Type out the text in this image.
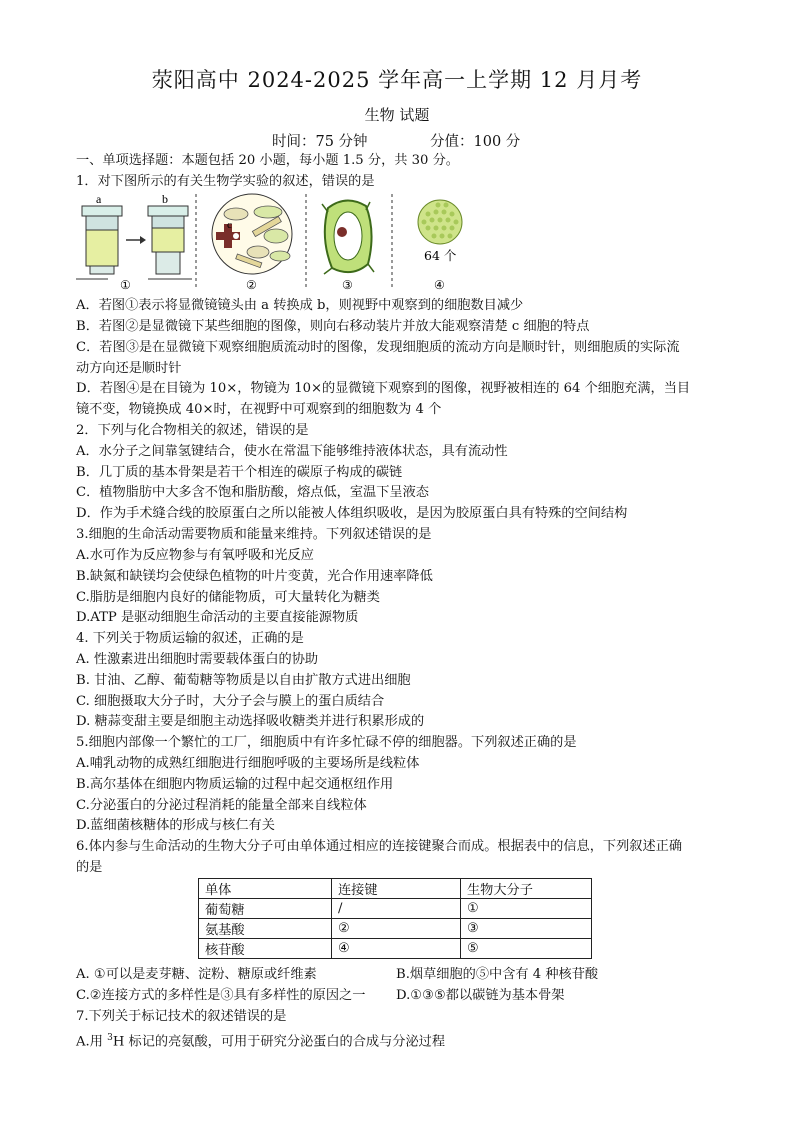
荥阳高中 2024-2025 学年高一上学期 12 月月考
生物 试题
时间：75 分钟	分值：100 分
一、单项选择题：本题包括 20 小题，每小题 1.5 分，共 30 分。
1．对下图所示的有关生物学实验的叙述，错误的是
a	b
①
c
②	③
64 个
④
A．若图①表示将显微镜镜头由 a 转换成 b，则视野中观察到的细胞数目减少
B．若图②是显微镜下某些细胞的图像，则向右移动装片并放大能观察清楚 c 细胞的特点
C．若图③是在显微镜下观察细胞质流动时的图像，发现细胞质的流动方向是顺时针，则细胞质的实际流
动方向还是顺时针
D．若图④是在目镜为 10×，物镜为 10×的显微镜下观察到的图像，视野被相连的 64 个细胞充满，当目
镜不变，物镜换成 40×时，在视野中可观察到的细胞数为 4 个
2．下列与化合物相关的叙述，错误的是
A．水分子之间靠氢键结合，使水在常温下能够维持液体状态，具有流动性
B．几丁质的基本骨架是若干个相连的碳原子构成的碳链
C．植物脂肪中大多含不饱和脂肪酸，熔点低，室温下呈液态
D．作为手术缝合线的胶原蛋白之所以能被人体组织吸收，是因为胶原蛋白具有特殊的空间结构
3.细胞的生命活动需要物质和能量来维持。下列叙述错误的是
A.水可作为反应物参与有氧呼吸和光反应
B.缺氮和缺镁均会使绿色植物的叶片变黄，光合作用速率降低
C.脂肪是细胞内良好的储能物质，可大量转化为糖类
D.ATP 是驱动细胞生命活动的主要直接能源物质
4. 下列关于物质运输的叙述，正确的是
A. 性激素进出细胞时需要载体蛋白的协助
B. 甘油、乙醇、葡萄糖等物质是以自由扩散方式进出细胞
C. 细胞摄取大分子时，大分子会与膜上的蛋白质结合
D. 糖蒜变甜主要是细胞主动选择吸收糖类并进行积累形成的
5.细胞内部像一个繁忙的工厂，细胞质中有许多忙碌不停的细胞器。下列叙述正确的是
A.哺乳动物的成熟红细胞进行细胞呼吸的主要场所是线粒体
B.高尔基体在细胞内物质运输的过程中起交通枢纽作用
C.分泌蛋白的分泌过程消耗的能量全部来自线粒体
D.蓝细菌核糖体的形成与核仁有关
6.体内参与生命活动的生物大分子可由单体通过相应的连接键聚合而成。根据表中的信息，下列叙述正确
的是
单体	连接键	生物大分子
葡萄糖	/	①
氨基酸	②	③
核苷酸	④	⑤
A. ①可以是麦芽糖、淀粉、糖原或纤维素	B.烟草细胞的⑤中含有 4 种核苷酸
C.②连接方式的多样性是③具有多样性的原因之一 D.①③⑤都以碳链为基本骨架
7.下列关于标记技术的叙述错误的是
A.用 $^3$H 标记的亮氨酸，可用于研究分泌蛋白的合成与分泌过程
